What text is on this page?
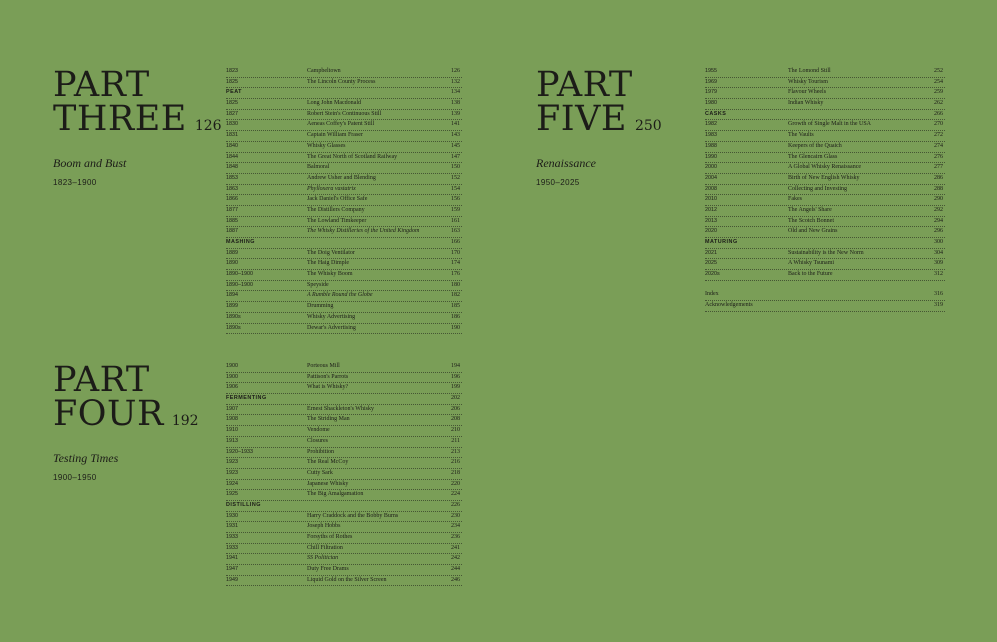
PART
THREE 126
Boom and Bust
1823–1900
1823	Campbeltown	126
1825	The Lincoln County Process	132
PEAT	134
1825	Long John Macdonald	138
1827	Robert Stein's Continuous Still	139
1830	Aeneas Coffey's Patent Still	141
1831	Captain William Fraser	143
1840	Whisky Glasses	145
1844	The Great North of Scotland Railway	147
1848	Balmoral	150
1853	Andrew Usher and Blending	152
1863	Phylloxera vastatrix	154
1866	Jack Daniel's Office Safe	156
1877	The Distillers Company	159
1885	The Lowland Timkeeper	161
1887	The Whisky Distilleries of the United Kingdom	163
MASHING	166
1889	The Doig Ventilator	170
1890	The Haig Dimple	174
1890–1900	The Whisky Boom	176
1890–1900	Speyside	180
1894	A Rumble Round the Globe	182
1899	Drumming	185
1890s	Whisky Advertising	186
1890s	Dewar's Advertising	190
PART
FOUR 192
Testing Times
1900–1950
1900	Porteous Mill	194
1900	Pattison's Parrots	196
1906	What is Whisky?	199
FERMENTING	202
1907	Ernest Shackleton's Whisky	206
1908	The Striding Man	208
1910	Vendome	210
1913	Closures	211
1920–1933	Prohibition	213
1923	The Real McCoy	216
1923	Cutty Sark	218
1924	Japanese Whisky	220
1925	The Big Amalgamation	224
DISTILLING	226
1930	Harry Craddock and the Bobby Burns	230
1931	Joseph Hobbs	234
1933	Forsyths of Rothes	236
1933	Chill Filtration	241
1941	SS Politician	242
1947	Duty Free Drams	244
1949	Liquid Gold on the Silver Screen	246
PART
FIVE 250
Renaissance
1950–2025
1955	The Lomond Still	252
1969	Whisky Tourism	254
1979	Flavour Wheels	259
1980	Indian Whisky	262
CASKS	266
1982	Growth of Single Malt in the USA	270
1983	The Vaults	272
1988	Keepers of the Quaich	274
1990	The Glencairn Glass	276
2000	A Global Whisky Renaissance	277
2004	Birth of New English Whisky	286
2008	Collecting and Investing	288
2010	Fakes	290
2012	The Angels' Share	292
2013	The Scotch Bonnet	294
2020	Old and New Grains	296
MATURING	300
2021	Sustainability is the New Norm	304
2025	A Whisky Tsunami	309
2020s	Back to the Future	312
Index	316
Acknowledgements	319
